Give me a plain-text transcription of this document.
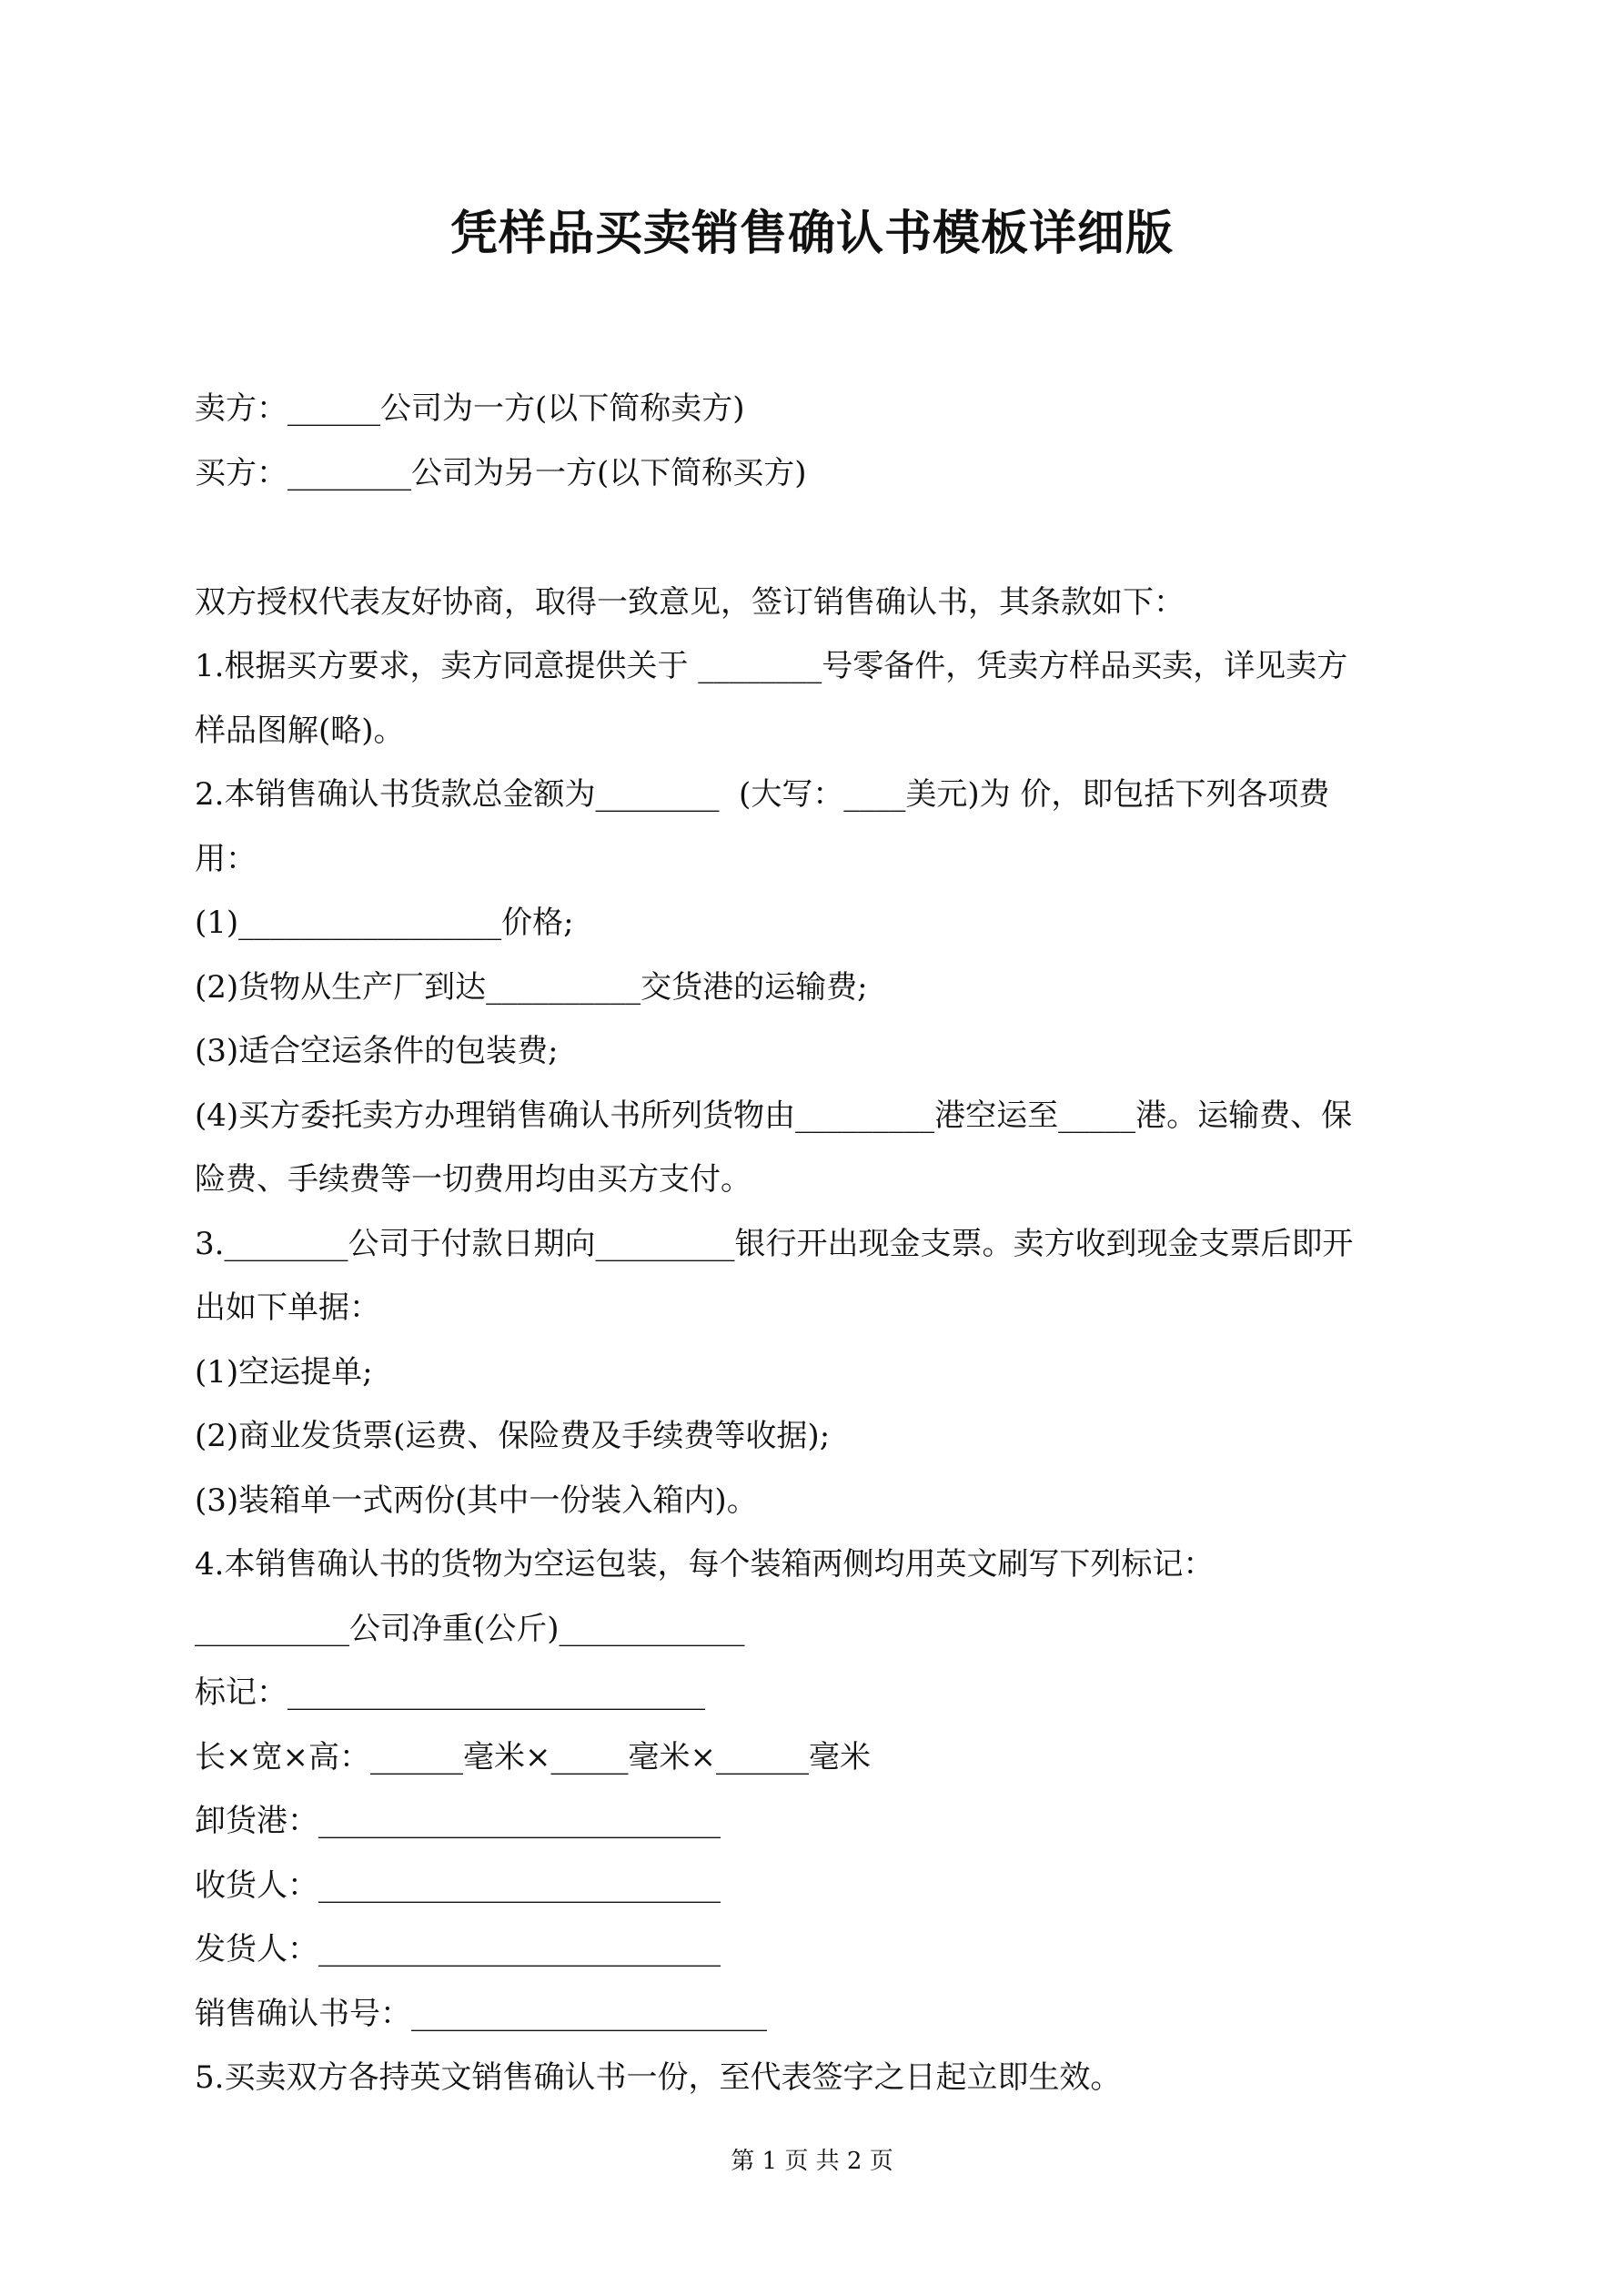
凭样品买卖销售确认书模板详细版

卖方：______公司为一方(以下简称卖方)

买方：________公司为另一方(以下简称买方)

双方授权代表友好协商，取得一致意见，签订销售确认书，其条款如下：

1.根据买方要求，卖方同意提供关于 ________号零备件，凭卖方样品买卖，详见卖方

样品图解(略)。

2.本销售确认书货款总金额为________  (大写：____美元)为 价，即包括下列各项费

用：

(1)_________________价格;

(2)货物从生产厂到达__________交货港的运输费;

(3)适合空运条件的包装费;

(4)买方委托卖方办理销售确认书所列货物由_________港空运至_____港。运输费、保

险费、手续费等一切费用均由买方支付。

3.________公司于付款日期向_________银行开出现金支票。卖方收到现金支票后即开

出如下单据：

(1)空运提单;

(2)商业发货票(运费、保险费及手续费等收据);

(3)装箱单一式两份(其中一份装入箱内)。

4.本销售确认书的货物为空运包装，每个装箱两侧均用英文刷写下列标记：

__________公司净重(公斤)____________

标记：___________________________

长×宽×高：______毫米×_____毫米×______毫米

卸货港：__________________________

收货人：__________________________

发货人：__________________________

销售确认书号：_______________________

5.买卖双方各持英文销售确认书一份，至代表签字之日起立即生效。

第 1 页 共 2 页
